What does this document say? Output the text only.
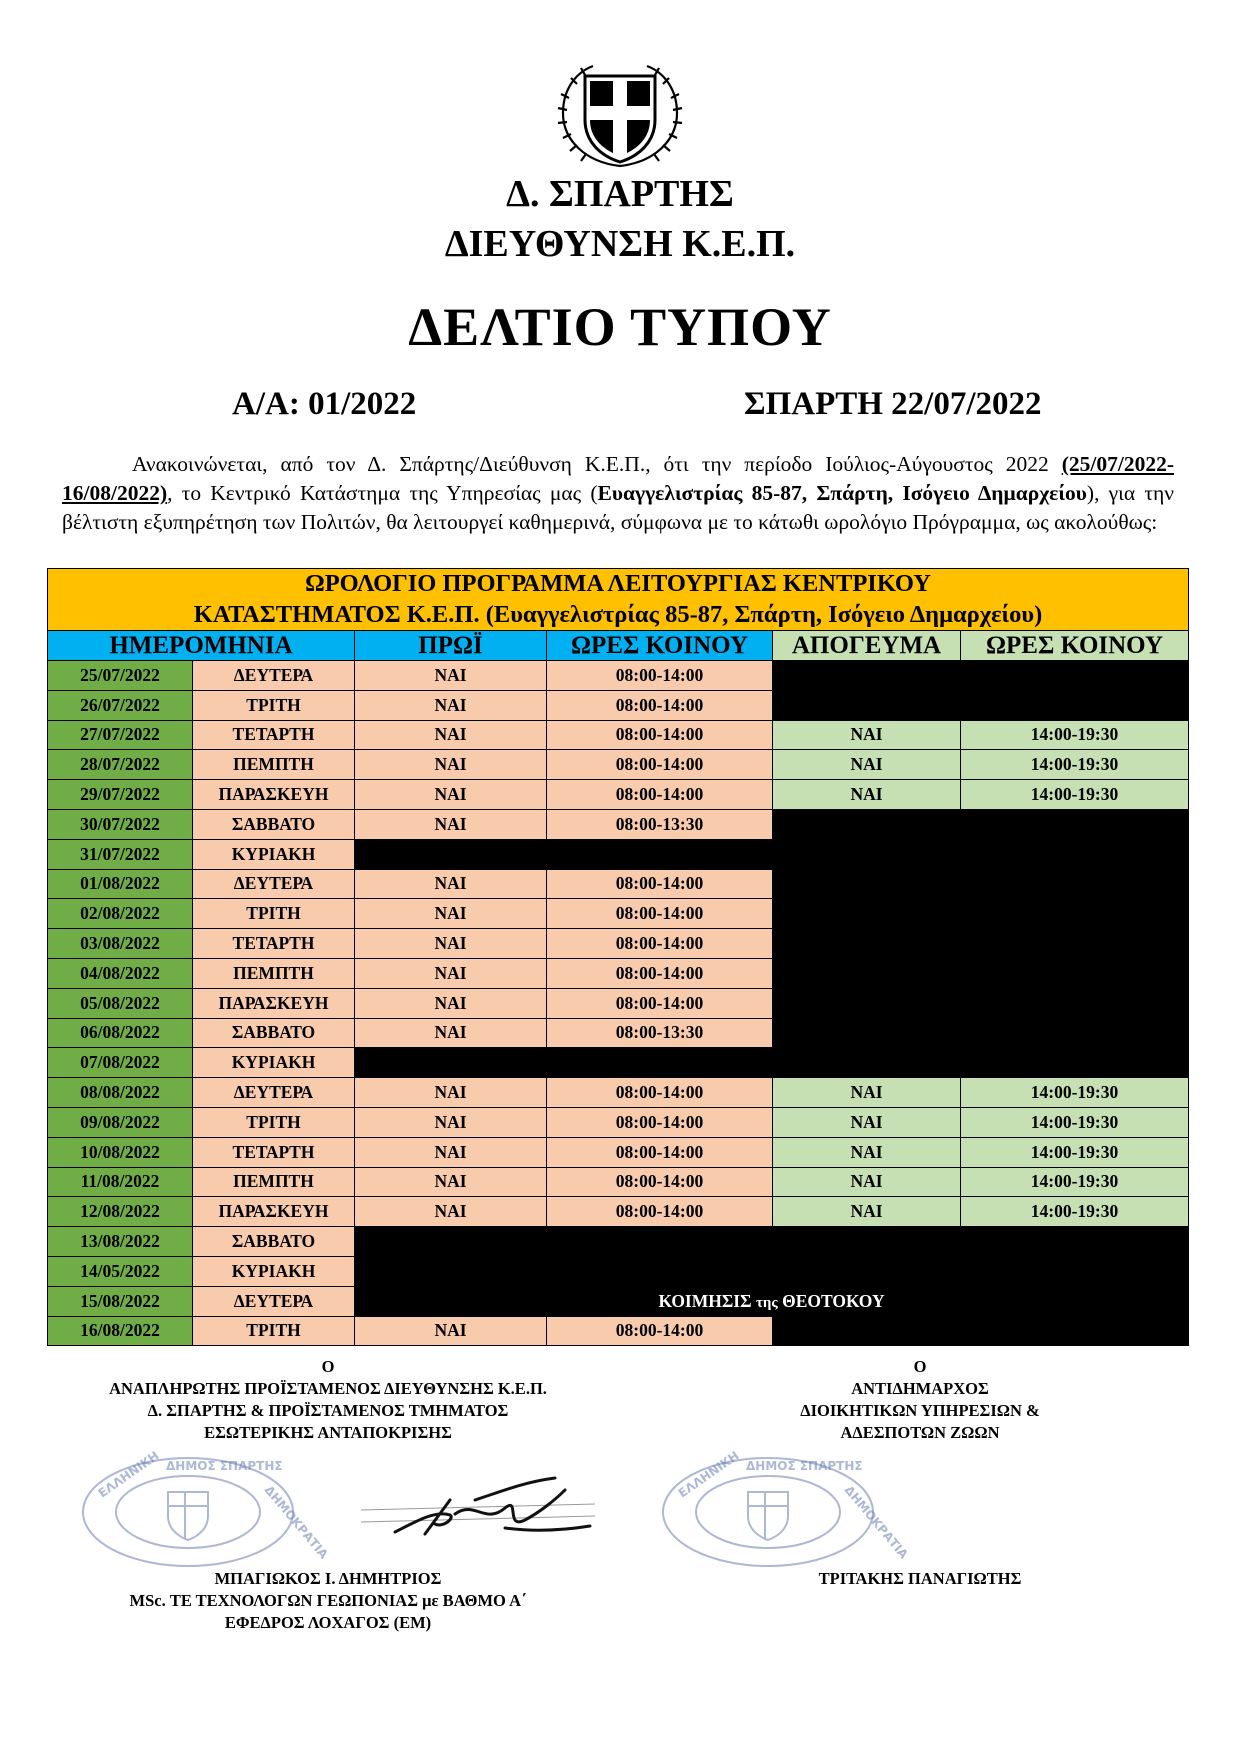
Δ. ΣΠΑΡΤΗΣ
ΔΙΕΥΘΥΝΣΗ Κ.Ε.Π.
ΔΕΛΤΙΟ ΤΥΠΟΥ
Α/Α: 01/2022	ΣΠΑΡΤΗ 22/07/2022
Ανακοινώνεται, από τον Δ. Σπάρτης/Διεύθυνση Κ.Ε.Π., ότι την περίοδο Ιούλιος-Αύγουστος 2022 (25/07/2022-16/08/2022), το Κεντρικό Κατάστημα της Υπηρεσίας μας (Ευαγγελιστρίας 85-87, Σπάρτη, Ισόγειο Δημαρχείου), για την βέλτιστη εξυπηρέτηση των Πολιτών, θα λειτουργεί καθημερινά, σύμφωνα με το κάτωθι ωρολόγιο Πρόγραμμα, ως ακολούθως:
ΩΡΟΛΟΓΙΟ ΠΡΟΓΡΑΜΜΑ ΛΕΙΤΟΥΡΓΙΑΣ ΚΕΝΤΡΙΚΟΥ					
ΚΑΤΑΣΤΗΜΑΤΟΣ Κ.Ε.Π. (Ευαγγελιστρίας 85-87, Σπάρτη, Ισόγειο Δημαρχείου)					
ΗΜΕΡΟΜΗΝΙΑ		ΠΡΩΪ	ΩΡΕΣ ΚΟΙΝΟΥ	ΑΠΟΓΕΥΜΑ	ΩΡΕΣ ΚΟΙΝΟΥ
25/07/2022	ΔΕΥΤΕΡΑ	ΝΑΙ	08:00-14:00		
26/07/2022	ΤΡΙΤΗ	ΝΑΙ	08:00-14:00		
27/07/2022	ΤΕΤΑΡΤΗ	ΝΑΙ	08:00-14:00	ΝΑΙ	14:00-19:30
28/07/2022	ΠΕΜΠΤΗ	ΝΑΙ	08:00-14:00	ΝΑΙ	14:00-19:30
29/07/2022	ΠΑΡΑΣΚΕΥΗ	ΝΑΙ	08:00-14:00	ΝΑΙ	14:00-19:30
30/07/2022	ΣΑΒΒΑΤΟ	ΝΑΙ	08:00-13:30		
31/07/2022	ΚΥΡΙΑΚΗ				
01/08/2022	ΔΕΥΤΕΡΑ	ΝΑΙ	08:00-14:00		
02/08/2022	ΤΡΙΤΗ	ΝΑΙ	08:00-14:00		
03/08/2022	ΤΕΤΑΡΤΗ	ΝΑΙ	08:00-14:00		
04/08/2022	ΠΕΜΠΤΗ	ΝΑΙ	08:00-14:00		
05/08/2022	ΠΑΡΑΣΚΕΥΗ	ΝΑΙ	08:00-14:00		
06/08/2022	ΣΑΒΒΑΤΟ	ΝΑΙ	08:00-13:30		
07/08/2022	ΚΥΡΙΑΚΗ				
08/08/2022	ΔΕΥΤΕΡΑ	ΝΑΙ	08:00-14:00	ΝΑΙ	14:00-19:30
09/08/2022	ΤΡΙΤΗ	ΝΑΙ	08:00-14:00	ΝΑΙ	14:00-19:30
10/08/2022	ΤΕΤΑΡΤΗ	ΝΑΙ	08:00-14:00	ΝΑΙ	14:00-19:30
11/08/2022	ΠΕΜΠΤΗ	ΝΑΙ	08:00-14:00	ΝΑΙ	14:00-19:30
12/08/2022	ΠΑΡΑΣΚΕΥΗ	ΝΑΙ	08:00-14:00	ΝΑΙ	14:00-19:30
13/08/2022	ΣΑΒΒΑΤΟ				
14/05/2022	ΚΥΡΙΑΚΗ				
15/08/2022	ΔΕΥΤΕΡΑ	ΚΟΙΜΗΣΙΣ της ΘΕΟΤΟΚΟΥ			
16/08/2022	ΤΡΙΤΗ	ΝΑΙ	08:00-14:00		
Ο
ΑΝΑΠΛΗΡΩΤΗΣ ΠΡΟΪΣΤΑΜΕΝΟΣ ΔΙΕΥΘΥΝΣΗΣ Κ.Ε.Π.
Δ. ΣΠΑΡΤΗΣ & ΠΡΟΪΣΤΑΜΕΝΟΣ ΤΜΗΜΑΤΟΣ
ΕΣΩΤΕΡΙΚΗΣ ΑΝΤΑΠΟΚΡΙΣΗΣ
Ο
ΑΝΤΙΔΗΜΑΡΧΟΣ
ΔΙΟΙΚΗΤΙΚΩΝ ΥΠΗΡΕΣΙΩΝ &
ΑΔΕΣΠΟΤΩΝ ΖΩΩΝ
ΕΛΛΗΝΙΚΗ ΔΗΜΟΣ ΣΠΑΡΤΗΣ
ΔΗΜΟΚΡΑΤΙΑ
ΕΛΛΗΝΙΚΗ ΔΗΜΟΣ ΣΠΑΡΤΗΣ
ΔΗΜΟΚΡΑΤΙΑ
ΜΠΑΓΙΩΚΟΣ Ι. ΔΗΜΗΤΡΙΟΣ
MSc. ΤΕ ΤΕΧΝΟΛΟΓΩΝ ΓΕΩΠΟΝΙΑΣ με ΒΑΘΜΟ Α΄
ΕΦΕΔΡΟΣ ΛΟΧΑΓΟΣ (ΕΜ)
ΤΡΙΤΑΚΗΣ ΠΑΝΑΓΙΩΤΗΣ
